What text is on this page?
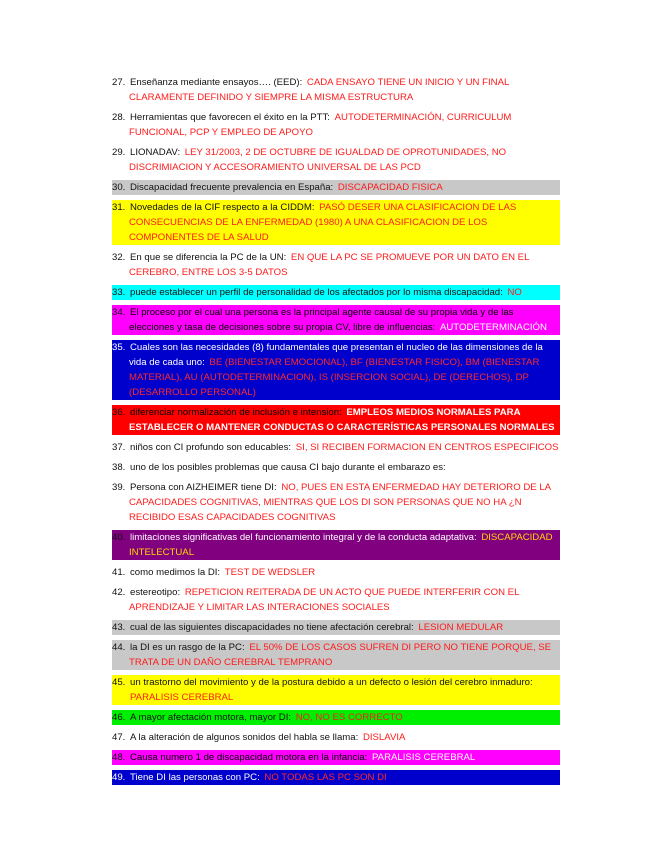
27. Enseñanza mediante ensayos…. (EED): CADA ENSAYO TIENE UN INICIO Y UN FINAL CLARAMENTE DEFINIDO Y SIEMPRE LA MISMA ESTRUCTURA
28. Herramientas que favorecen el éxito en la PTT: AUTODETERMINACIÓN, CURRICULUM FUNCIONAL, PCP Y EMPLEO DE APOYO
29. LIONADAV: LEY 31/2003, 2 DE OCTUBRE DE IGUALDAD DE OPROTUNIDADES, NO DISCRIMIACION Y ACCESORAMIENTO UNIVERSAL DE LAS PCD
30. Discapacidad frecuente prevalencia en España: DISCAPACIDAD FISICA
31. Novedades de la CIF respecto a la CIDDM: PASÓ DESER UNA CLASIFICACION DE LAS CONSECUENCIAS DE LA ENFERMEDAD (1980) A UNA CLASIFICACION DE LOS COMPONENTES DE LA SALUD
32. En que se diferencia la PC de la UN: EN QUE LA PC SE PROMUEVE POR UN DATO EN EL CEREBRO, ENTRE LOS 3-5 DATOS
33. puede establecer un perfil de personalidad de los afectados por lo misma discapacidad: NO
34. El proceso por el cual una persona es la principal agente causal de su propia vida y de las elecciones y tasa de decisiones sobre su propia CV, libre de influencias: AUTODETERMINACIÓN
35. Cuales son las necesidades (8) fundamentales que presentan el nucleo de las dimensiones de la vida de cada uno: BE (BIENESTAR EMOCIONAL), BF (BIENESTAR FISICO), BM (BIENESTAR MATERIAL), AU (AUTODETERMINACION), IS (INSERCION SOCIAL), DE (DERECHOS), DP (DESARROLLO PERSONAL)
36. diferenciar normalización de inclusión e intension: EMPLEOS MEDIOS NORMALES PARA ESTABLECER O MANTENER CONDUCTAS O CARACTERÍSTICAS PERSONALES NORMALES
37. niños con CI profundo son educables: SI, SI RECIBEN FORMACION EN CENTROS ESPECIFICOS
38. uno de los posibles problemas que causa CI bajo durante el embarazo es:
39. Persona con AIZHEIMER tiene DI: NO, PUES EN ESTA ENFERMEDAD HAY DETERIORO DE LA CAPACIDADES COGNITIVAS, MIENTRAS QUE LOS DI SON PERSONAS QUE NO HA ¿N RECIBIDO ESAS CAPACIDADES COGNITIVAS
40. limitaciones significativas del funcionamiento integral y de la conducta adaptativa: DISCAPACIDAD INTELECTUAL
41. como medimos la DI: TEST DE WEDSLER
42. estereotipo: REPETICION REITERADA DE UN ACTO QUE PUEDE INTERFERIR CON EL APRENDIZAJE Y LIMITAR LAS INTERACIONES SOCIALES
43. cual de las siguientes discapacidades no tiene afectación cerebral: LESION MEDULAR
44. la DI es un rasgo de la PC: EL 50% DE LOS CASOS SUFREN DI PERO NO TIENE PORQUE, SE TRATA DE UN DAÑO CEREBRAL TEMPRANO
45. un trastorno del movimiento y de la postura debido a un defecto o lesión del cerebro inmaduro: PARALISIS CEREBRAL
46. A mayor afectación motora, mayor DI: NO, NO ES CORRECTO
47. A la alteración de algunos sonidos del habla se llama: DISLAVIA
48. Causa numero 1 de discapacidad motora en la infancia: PARALISIS CEREBRAL
49. Tiene DI las personas con PC: NO TODAS LAS PC SON DI
